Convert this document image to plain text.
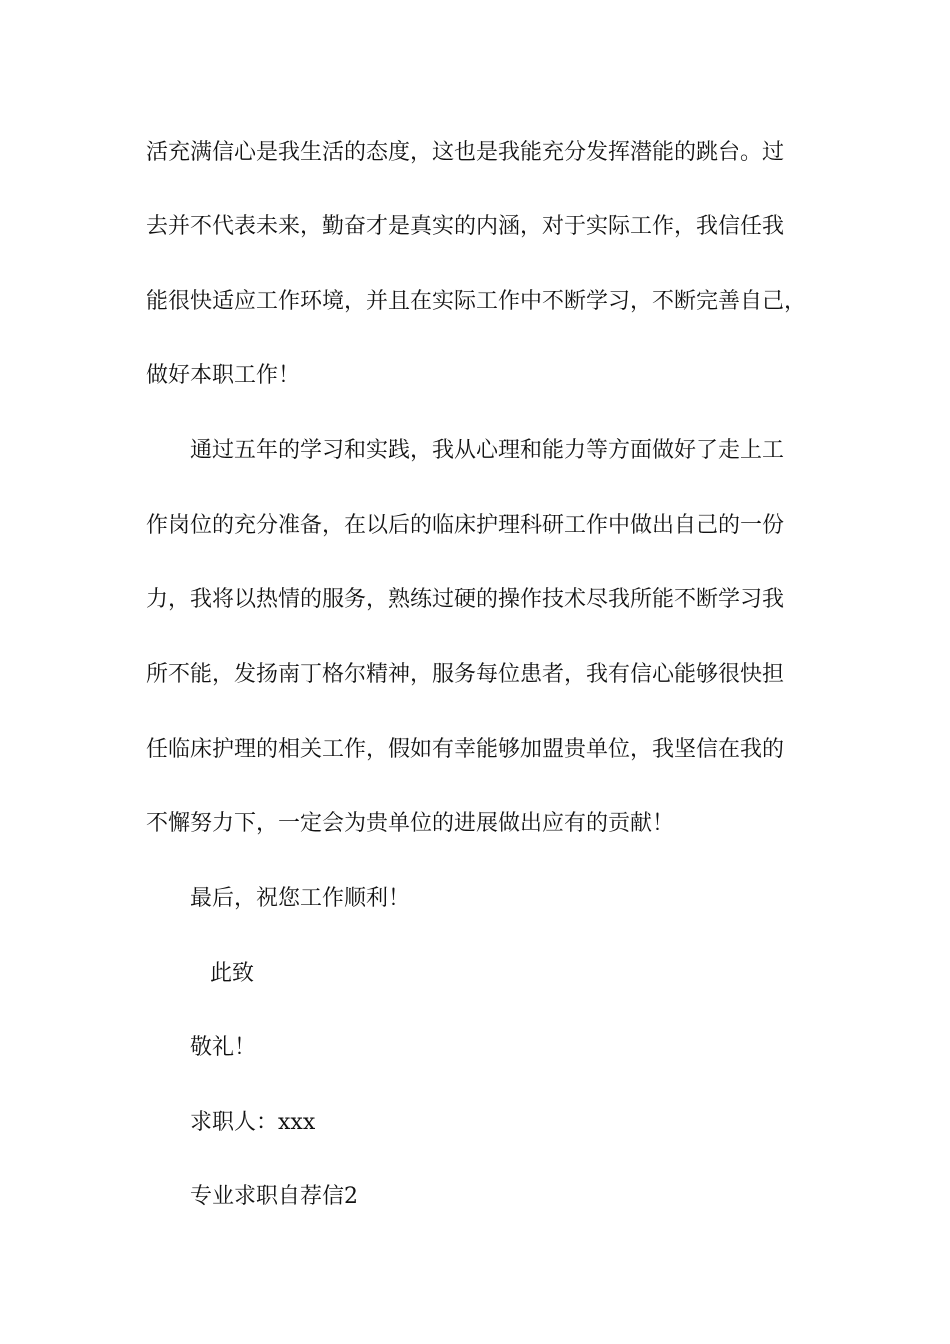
活充满信心是我生活的态度，这也是我能充分发挥潜能的跳台。过
去并不代表未来，勤奋才是真实的内涵，对于实际工作，我信任我
能很快适应工作环境，并且在实际工作中不断学习，不断完善自己，
做好本职工作！
通过五年的学习和实践，我从心理和能力等方面做好了走上工
作岗位的充分准备，在以后的临床护理科研工作中做出自己的一份
力，我将以热情的服务，熟练过硬的操作技术尽我所能不断学习我
所不能，发扬南丁格尔精神，服务每位患者，我有信心能够很快担
任临床护理的相关工作，假如有幸能够加盟贵单位，我坚信在我的
不懈努力下，一定会为贵单位的进展做出应有的贡献！
最后，祝您工作顺利！
此致
敬礼！
求职人：xxx
专业求职自荐信2
